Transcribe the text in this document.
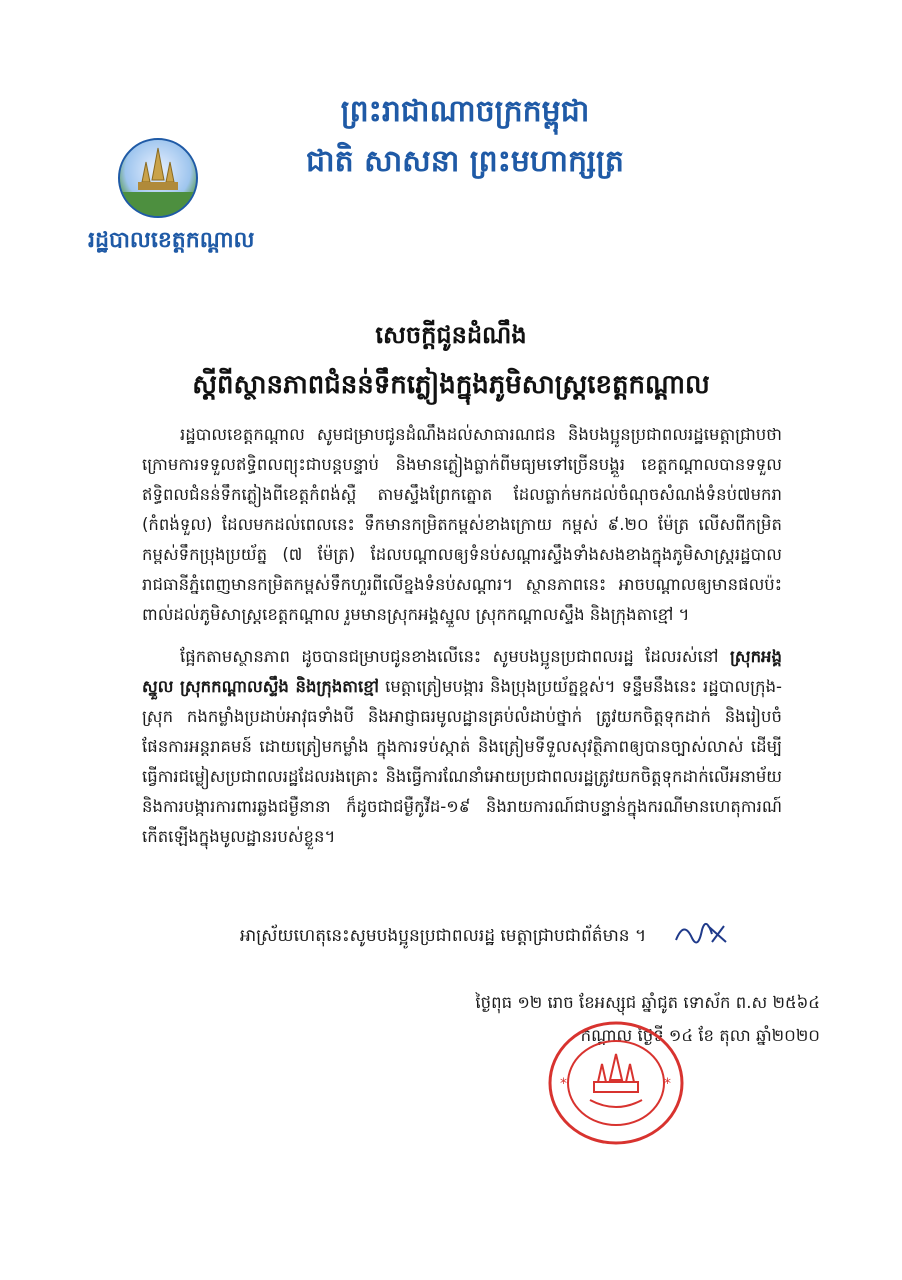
រដ្ឋបាលខេត្តកណ្ដាល
ព្រះរាជាណាចក្រកម្ពុជា
ជាតិ សាសនា ព្រះមហាក្សត្រ
សេចក្ដីជូនដំណឹង
ស្ដីពីស្ថានភាពជំនន់ទឹកភ្លៀងក្នុងភូមិសាស្ត្រខេត្តកណ្ដាល

រដ្ឋបាលខេត្តកណ្ដាល សូមជម្រាបជូនដំណឹងដល់សាធារណជន និងបងប្អូនប្រជាពលរដ្ឋមេត្តាជ្រាបថា ក្រោមការទទួលឥទ្ធិពលព្យុះជាបន្តបន្ទាប់ និងមានភ្លៀងធ្លាក់ពីមធ្យមទៅច្រើនបង្គួរ ខេត្តកណ្ដាលបានទទួលឥទ្ធិពលជំនន់ទឹកភ្លៀងពីខេត្តកំពង់ស្ពឺ តាមស្ទឹងព្រែកត្នោត ដែលធ្លាក់មកដល់ចំណុចសំណង់ទំនប់៧មករា (កំពង់ទួល) ដែលមកដល់ពេលនេះ ទឹកមានកម្រិតកម្ពស់ខាងក្រោយ កម្ពស់ ៩.២០ ម៉ែត្រ លើសពីកម្រិតកម្ពស់ទឹកប្រុងប្រយ័ត្ន (៧ ម៉ែត្រ) ដែលបណ្ដាលឲ្យទំនប់សណ្ដារស្ទឹងទាំងសងខាងក្នុងភូមិសាស្ត្ររដ្ឋបាលរាជធានីភ្នំពេញមានកម្រិតកម្ពស់ទឹកហួរពីលើខ្នងទំនប់សណ្ដារ។ ស្ថានភាពនេះ អាចបណ្ដាលឲ្យមានផលប៉ះពាល់ដល់ភូមិសាស្ត្រខេត្តកណ្ដាល រួមមានស្រុកអង្គស្នួល ស្រុកកណ្ដាលស្ទឹង និងក្រុងតាខ្មៅ ។

ផ្អែកតាមស្ថានភាព ដូចបានជម្រាបជូនខាងលើនេះ សូមបងប្អូនប្រជាពលរដ្ឋ ដែលរស់នៅ ស្រុកអង្គស្នួល ស្រុកកណ្ដាលស្ទឹង និងក្រុងតាខ្មៅ មេត្តាត្រៀមបង្ការ និងប្រុងប្រយ័ត្នខ្ពស់។ ទន្ទឹមនឹងនេះ រដ្ឋបាលក្រុង-ស្រុក កងកម្លាំងប្រដាប់អាវុធទាំងបី និងអាជ្ញាធរមូលដ្ឋានគ្រប់លំដាប់ថ្នាក់ ត្រូវយកចិត្តទុកដាក់ និងរៀបចំផែនការអន្តរាគមន៍ ដោយត្រៀមកម្លាំង ក្នុងការទប់ស្កាត់ និងត្រៀមទីទួលសុវត្ថិភាពឲ្យបានច្បាស់លាស់ ដើម្បីធ្វើការជម្លៀសប្រជាពលរដ្ឋដែលរងគ្រោះ និងធ្វើការណែនាំអោយប្រជាពលរដ្ឋត្រូវយកចិត្តទុកដាក់លើអនាម័យ និងការបង្ការការពារឆ្លងជម្ងឺនានា ក៏ដូចជាជម្ងឺកូវីដ-១៩ និងរាយការណ៍ជាបន្ទាន់ក្នុងករណីមានហេតុការណ៍កើតឡើងក្នុងមូលដ្ឋានរបស់ខ្លួន។

អាស្រ័យហេតុនេះសូមបងប្អូនប្រជាពលរដ្ឋ មេត្តាជ្រាបជាព័ត៌មាន ។
ថ្ងៃពុធ ១២ រោច ខែអស្សុជ ឆ្នាំជូត ទោស័ក ព.ស ២៥៦៤
កណ្ដាល ថ្ងៃទី ១៤ ខែ តុលា ឆ្នាំ២០២០
*	*
